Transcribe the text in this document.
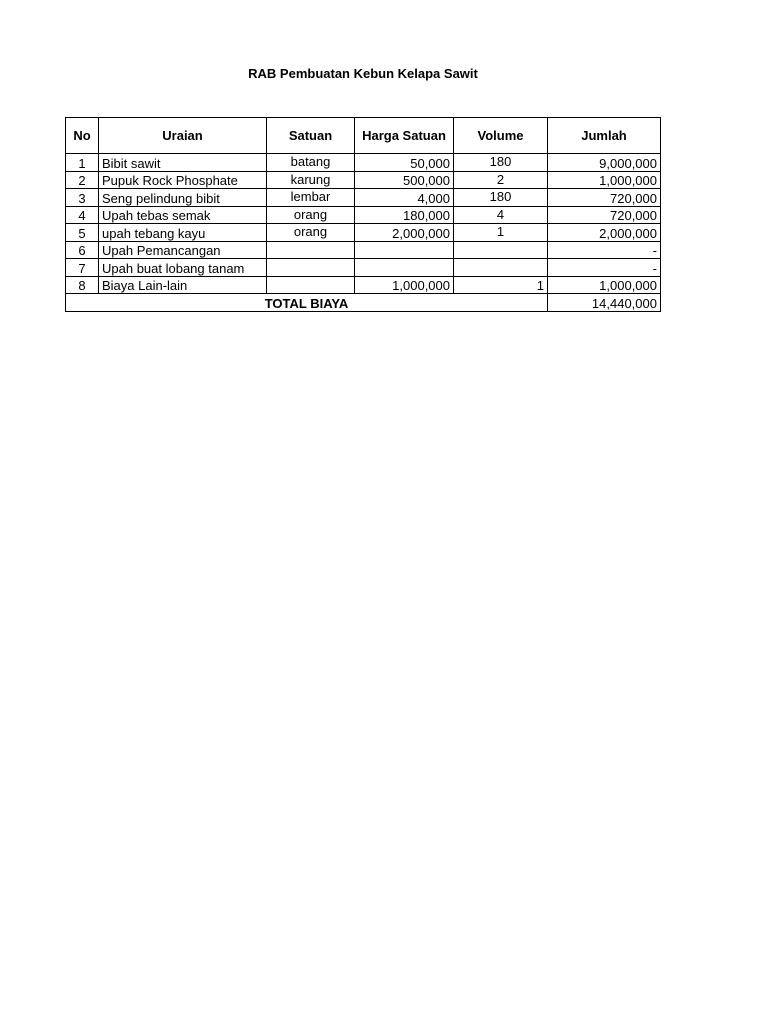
RAB Pembuatan Kebun Kelapa Sawit
No	Uraian	Satuan	Harga Satuan	Volume	Jumlah
1	Bibit sawit	batang	50,000	180	9,000,000
2	Pupuk Rock Phosphate	karung	500,000	2	1,000,000
3	Seng pelindung bibit	lembar	4,000	180	720,000
4	Upah tebas semak	orang	180,000	4	720,000
5	upah tebang kayu	orang	2,000,000	1	2,000,000
6	Upah Pemancangan				-
7	Upah buat lobang tanam				-
8	Biaya Lain-lain		1,000,000	1	1,000,000
TOTAL BIAYA					14,440,000
